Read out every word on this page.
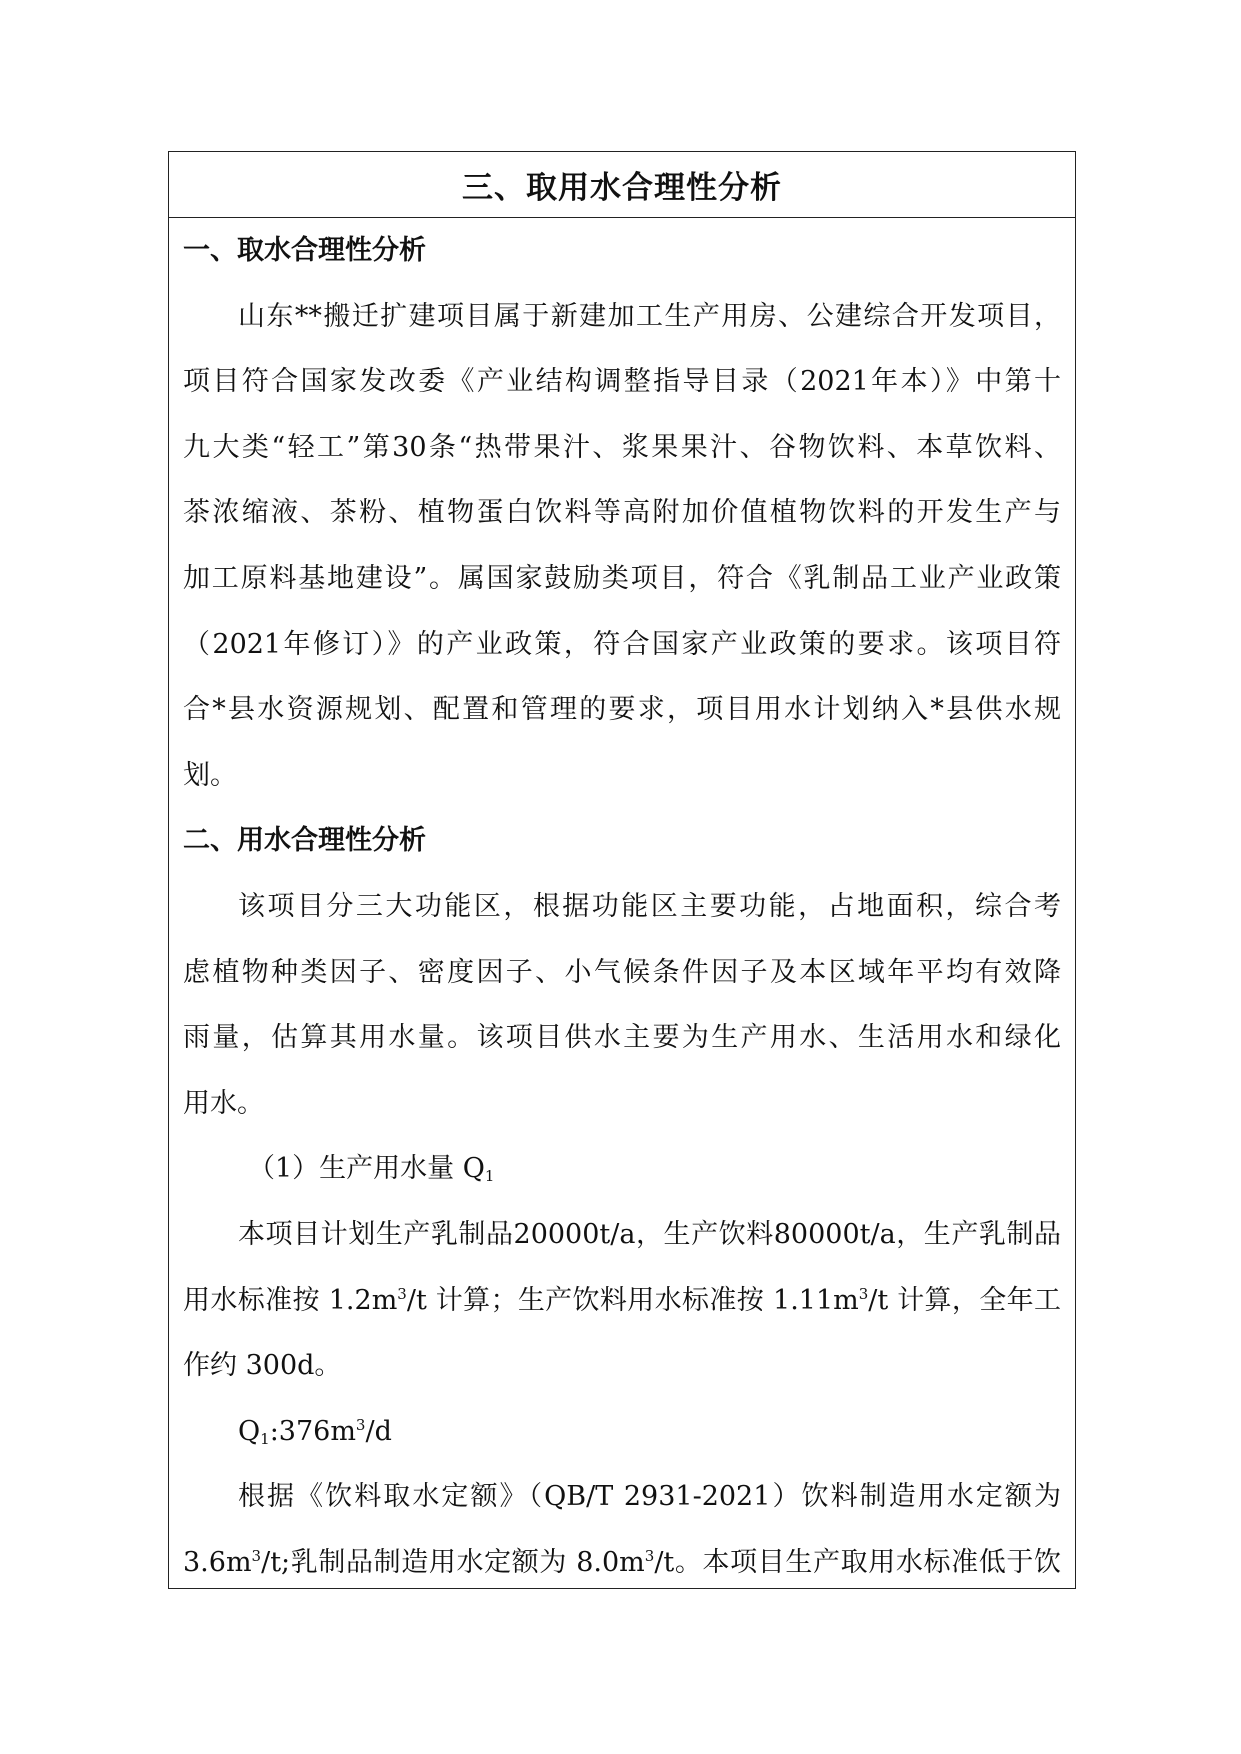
三、取用水合理性分析
一、取水合理性分析
山东**搬迁扩建项目属于新建加工生产用房、公建综合开发项目，
项目符合国家发改委《产业结构调整指导目录（2021年本）》中第十
九大类“轻工”第30条“热带果汁、浆果果汁、谷物饮料、本草饮料、
茶浓缩液、茶粉、植物蛋白饮料等高附加价值植物饮料的开发生产与
加工原料基地建设”。属国家鼓励类项目，符合《乳制品工业产业政策
（2021年修订）》的产业政策，符合国家产业政策的要求。该项目符
合*县水资源规划、配置和管理的要求，项目用水计划纳入*县供水规
划。
二、用水合理性分析
该项目分三大功能区，根据功能区主要功能，占地面积，综合考
虑植物种类因子、密度因子、小气候条件因子及本区域年平均有效降
雨量，估算其用水量。该项目供水主要为生产用水、生活用水和绿化
用水。
（1）生产用水量 $Q_1$
本项目计划生产乳制品20000t/a，生产饮料80000t/a，生产乳制品
用水标准按 $1.2m^3/t$ 计算；生产饮料用水标准按 $1.11m^3/t$ 计算，全年工
作约 300d。
$Q_1:376m^3/d$
根据《饮料取水定额》（QB/T 2931-2021）饮料制造用水定额为
$3.6m^3/t$;乳制品制造用水定额为 $8.0m^3/t$。本项目生产取用水标准低于饮
